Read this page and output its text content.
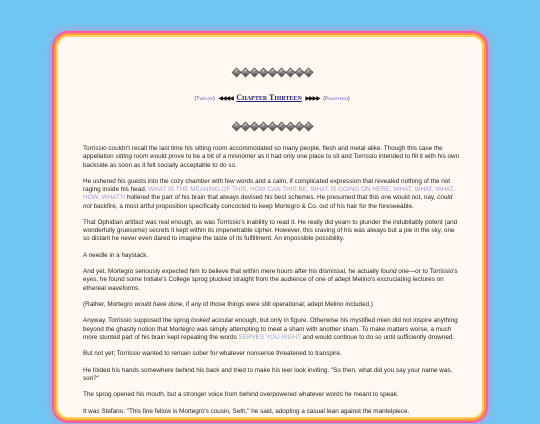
(Twelve) ◀◀◀◀ Chapter Thirteen ▶▶▶▶ (Fourteen)

Torrissio couldn't recall the last time his sitting room accommodated so many people, flesh and metal alike. Though this case the appellation sitting room would prove to be a bit of a misnomer as it had only one place to sit and Torrissio intended to fill it with his own backside as soon as it felt socially acceptable to do so.

He ushered his guests into the cozy chamber with few words and a calm, if complicated expression that revealed nothing of the riot raging inside his head. WHAT IS THE MEANING OF THIS, HOW CAN THIS BE, WHAT IS GOING ON HERE, WHAT, WHAT, WHAT, HOW, WHAT?! hollered the part of his brain that always devised his best schemes. He presumed that this one would not, nay, could not backfire, a most artful proposition specifically concocted to keep Mortegro & Co. out of his hair for the foreseeable.

That Ophidian artifact was real enough, as was Torrissio's inability to read it. He really did yearn to plunder the indubitably potent (and wonderfully gruesome) secrets it kept within its impenetrable cipher. However, this craving of his was always but a pie in the sky, one so distant he never even dared to imagine the taste of its fulfillment. An impossible possibility.

A needle in a haystack.

And yet, Mortegro seriously expected him to believe that within mere hours after his dismissal, he actually found one—or to Torrissio's eyes, he found some Initiate's College sprog plucked straight from the audience of one of adept Melino's excruciating lectures on ethereal waveforms.

(Rather, Mortegro would have done, if any of those things were still operational; adept Melino included.)

Anyway. Torrissio supposed the sprog looked acicular enough, but only in figure. Otherwise his mystified mien did not inspire anything beyond the ghastly notion that Mortegro was simply attempting to meet a sham with another sham. To make matters worse, a much more stunted part of his brain kept repeating the words SERVES YOU RIGHT and would continue to do so until sufficiently drowned.

But not yet; Torrissio wanted to remain sober for whatever nonsense threatened to transpire.

He folded his hands somewhere behind his back and tried to make his leer look inviting. "So then, what did you say your name was, son?"

The sprog opened his mouth, but a stronger voice from behind overpowered whatever words he meant to speak.

It was Stefano. "This fine fellow is Mortegro's cousin, Seth," he said, adopting a casual lean against the mantelpiece.
